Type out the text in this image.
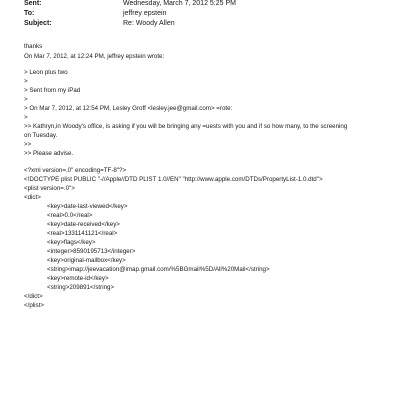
Sent:	Wednesday, March 7, 2012 5:25 PM
To:	jeffrey epstein
Subject:	Re: Woody Allen
thanks
On Mar 7, 2012, at 12:24 PM, jeffrey epstein wrote:
> Leon plus two
>
> Sent from my iPad
>
> On Mar 7, 2012, at 12:54 PM, Lesley Groff <lesley.jee@gmail.com> =rote:
>
>> Kathryn,in Woody's office, is asking if you will be bringing any =uests with you and if so how many, to the screening
on Tuesday.
>>
>> Please advise.
<?xml version=.0" encoding=TF-8"?>
<!DOCTYPE plist PUBLIC "-//Apple//DTD PLIST 1.0//EN" "http://www.apple.com/DTDs/PropertyList-1.0.dtd">
<plist version=.0">
<dict>
<key>date-last-viewed</key>
<real>0.0</real>
<key>date-received</key>
<real>1331141121</real>
<key>flags</key>
<integer>8590195713</integer>
<key>original-mailbox</key>
<string>imap://jeevacation@imap.gmail.com/%5BGmail%5D/All%20Mail</string>
<key>remote-id</key>
<string>209891</string>
</dict>
</plist>
